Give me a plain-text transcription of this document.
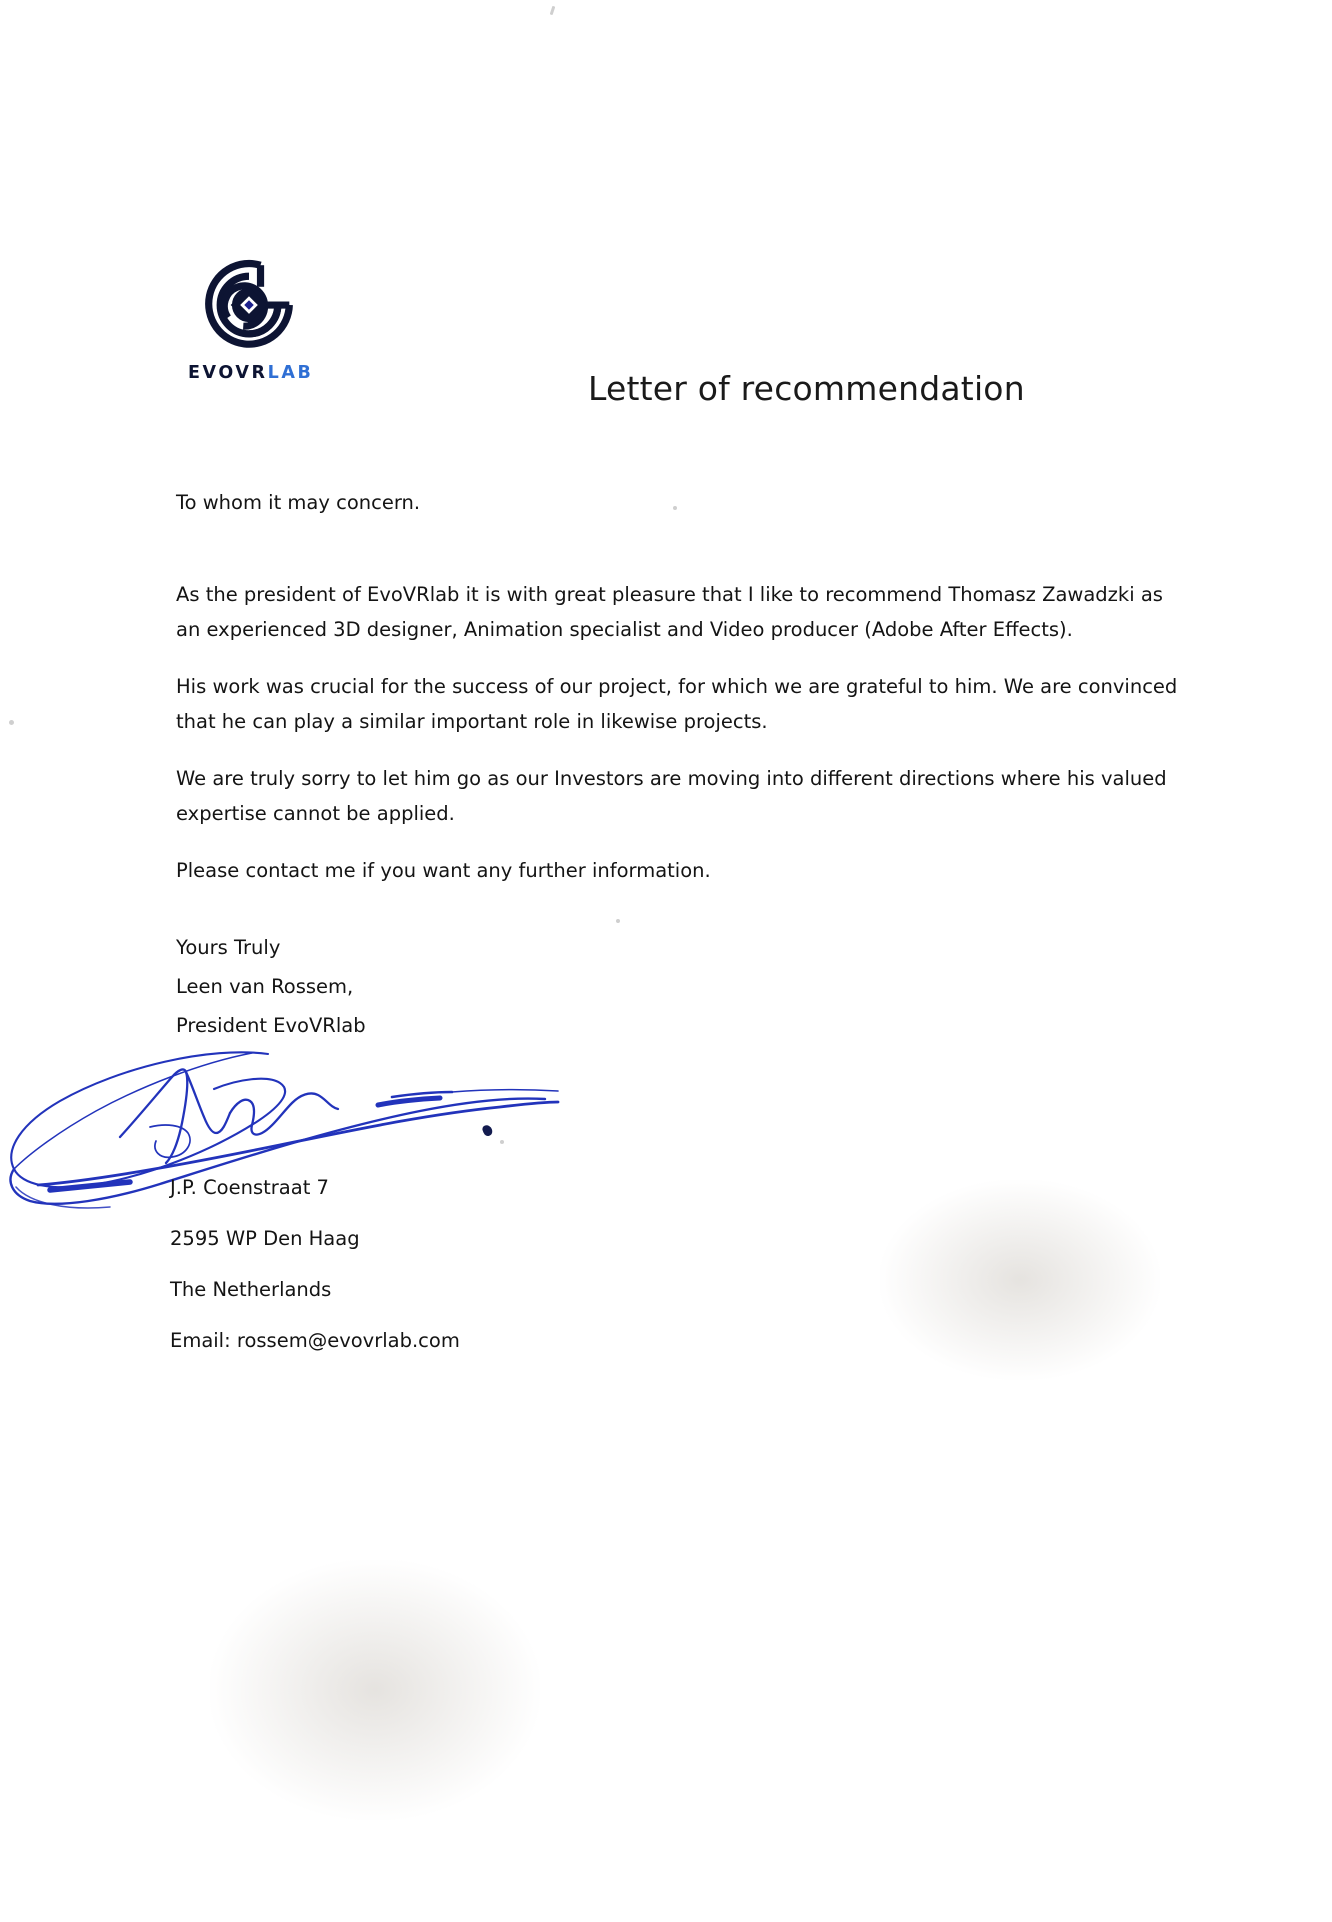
EVOVRLAB	Letter of recommendation

To whom it may concern.

As the president of EvoVRlab it is with great pleasure that I like to recommend Thomasz Zawadzki as an experienced 3D designer, Animation specialist and Video producer (Adobe After Effects).

His work was crucial for the success of our project, for which we are grateful to him. We are convinced that he can play a similar important role in likewise projects.

We are truly sorry to let him go as our Investors are moving into different directions where his valued expertise cannot be applied.

Please contact me if you want any further information.

Yours Truly
Leen van Rossem,
President EvoVRlab
J.P. Coenstraat 7
2595 WP Den Haag
The Netherlands
Email: rossem@evovrlab.com
